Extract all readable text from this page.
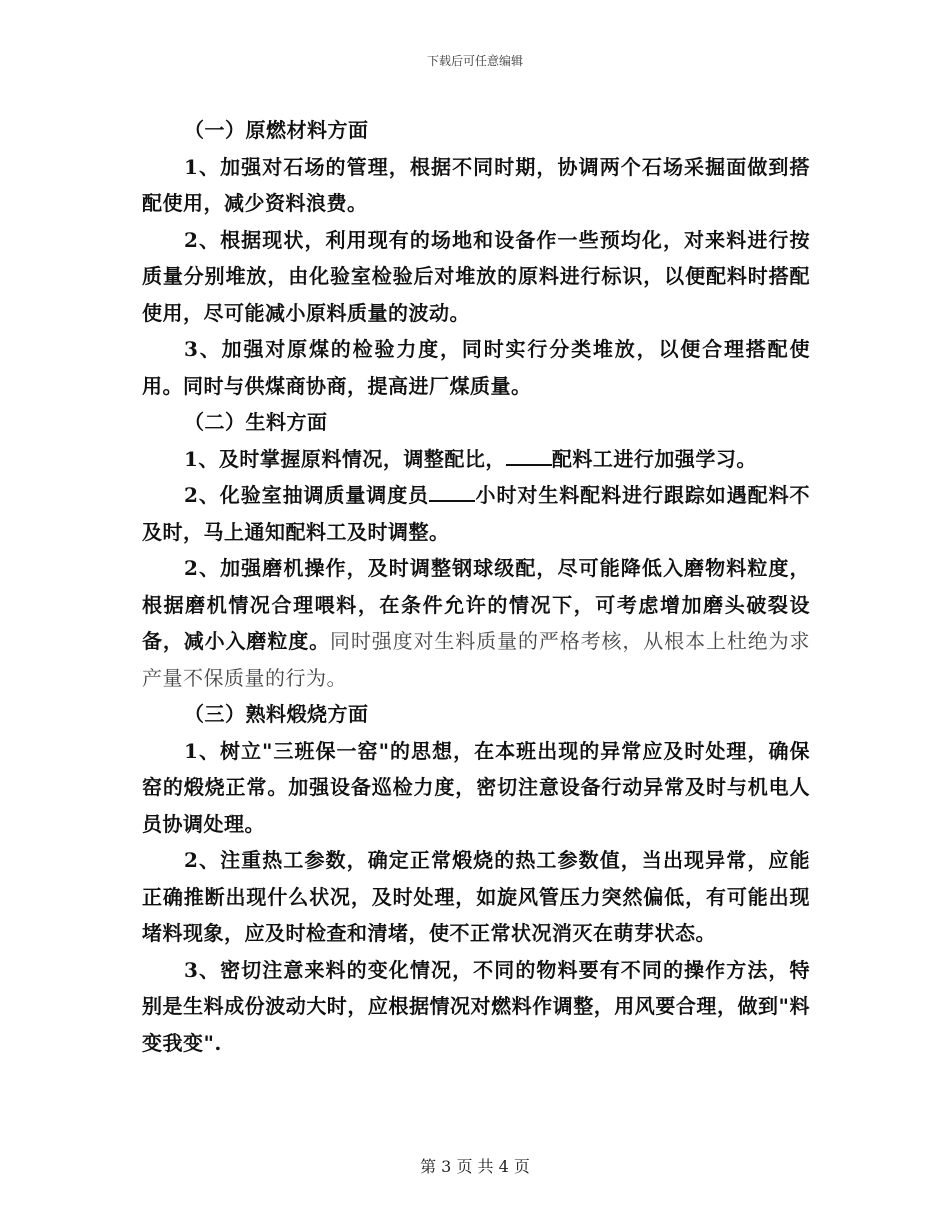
下载后可任意编辑

（一）原燃材料方面

1、加强对石场的管理，根据不同时期，协调两个石场采掘面做到搭配使用，减少资料浪费。

2、根据现状，利用现有的场地和设备作一些预均化，对来料进行按质量分别堆放，由化验室检验后对堆放的原料进行标识，以便配料时搭配使用，尽可能减小原料质量的波动。

3、加强对原煤的检验力度，同时实行分类堆放，以便合理搭配使用。同时与供煤商协商，提高进厂煤质量。

（二）生料方面

1、及时掌握原料情况，调整配比， 配料工进行加强学习。

2、化验室抽调质量调度员 小时对生料配料进行跟踪如遇配料不及时，马上通知配料工及时调整。

2、加强磨机操作，及时调整钢球级配，尽可能降低入磨物料粒度，根据磨机情况合理喂料，在条件允许的情况下，可考虑增加磨头破裂设备，减小入磨粒度。同时强度对生料质量的严格考核，从根本上杜绝为求产量不保质量的行为。

（三）熟料煅烧方面

1、树立"三班保一窑"的思想，在本班出现的异常应及时处理，确保窑的煅烧正常。加强设备巡检力度，密切注意设备行动异常及时与机电人员协调处理。

2、注重热工参数，确定正常煅烧的热工参数值，当出现异常，应能正确推断出现什么状况，及时处理，如旋风管压力突然偏低，有可能出现堵料现象，应及时检查和清堵，使不正常状况消灭在萌芽状态。

3、密切注意来料的变化情况，不同的物料要有不同的操作方法，特别是生料成份波动大时，应根据情况对燃料作调整，用风要合理，做到"料变我变".

第 3 页 共 4 页
